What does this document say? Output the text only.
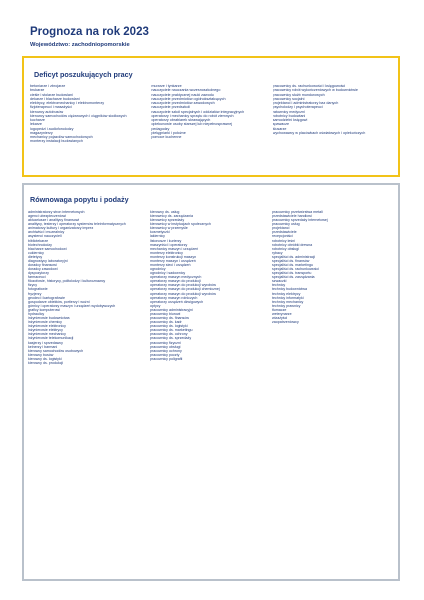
Prognoza na rok 2023
Województwo: zachodniopomorskie
Deficyt poszukujących pracy
betoniarze i zbrojarze
brukarze
cieśle i stolarze budowlani
dekarze i blacharze budowlani
elektrycy, elektromechanicy i elektromonterzy
fizjoterapeuci i masażyści
kierowcy autobusów
kierowcy samochodów ciężarowych i ciągników siodłowych
kucharze
lekarze
logopedzi i audiofonolodzy
magazynierzy
mechanicy pojazdów samochodowych
monterzy instalacji budowlanych
murarze i tynkarze
nauczyciele nauczania wczesnoszkolnego
nauczyciele praktycznej nauki zawodu
nauczyciele przedmiotów ogólnokształcących
nauczyciele przedmiotów zawodowych
nauczyciele przedszkoli
nauczyciele szkół specjalnych i oddziałów integracyjnych
operatorzy i mechanicy sprzętu do robót ziemnych
operatorzy obrabiarek skrawających
opiekunowie osoby starszej lub niepełnosprawnej
pedagodzy
pielęgniarki i położne
pomoce kuchenne
pracownicy ds. rachunkowości i księgowości
pracownicy robót wykończeniowych w budownictwie
pracownicy służb mundurowych
pracownicy socjalni
projektanci i administratorzy baz danych
psycholodzy i psychoterapeuci
ratownicy medyczni
robotnicy budowlani
samodzielni księgowi
spawacze
ślusarze
wychowawcy w placówkach oświatowych i opiekuńczych
Równowaga popytu i podaży
administratorzy stron internetowych
agenci ubezpieczeniowi
aktuariusze i analitycy finansowi
analitycy, testerzy i operatorzy systemów teleinformatycznych
animatorzy kultury i organizatorzy imprez
archiwiści i muzealnicy
asystenci nauczycieli
bibliotekarze
biotechnolodzy
blacharze samochodowi
cukiernicy
dietetycy
diagnostycy laboratoryjni
doradcy finansowi
doradcy zawodowi
dyspozytorzy
farmaceuci
filozofowie, historycy, politolodzy i kulturoznawcy
fizycy
fotografowie
fryzjerzy
geodeci i kartografowie
gospodarze obiektów, portierzy i woźni
górnicy i operatorzy maszyn i urządzeń wydobywczych
graficy komputerowi
hydraulicy
inżynierowie budownictwa
inżynierowie chemicy
inżynierowie elektronicy
inżynierowie elektrycy
inżynierowie mechanicy
inżynierowie telekomunikacji
kasjerzy i sprzedawcy
kelnerzy i barmani
kierowcy samochodów osobowych
kierowcy busów
kierowcy ds. logistyki
kierowcy ds. produkcji
kierowcy ds. usług
kierownicy ds. zarządzania
kierownicy sprzedaży
kierownicy w instytucjach społecznych
kierownicy w przemyśle
kosmetyczki
lakiernicy
listonosze i kurierzy
maszyniści i operatorzy
mechanicy maszyn i urządzeń
monterzy elektronicy
monterzy konstrukcji maszyn
monterzy maszyn i urządzeń
monterzy sieci i urządzeń
ogrodnicy
ogrodnicy i sadownicy
operatorzy maszyn medycznych
operatorzy maszyn do produkcji
operatorzy maszyn do produkcji wyrobów
operatorzy maszyn do produkcji chemicznej
operatorzy maszyn do produkcji wyrobów
operatorzy maszyn rolniczych
operatorzy urządzeń dźwigowych
optycy
pracownicy administracyjni
pracownicy biurowi
pracownicy ds. finansów
pracownicy ds. kadr
pracownicy ds. logistyki
pracownicy ds. marketingu
pracownicy ds. ochrony
pracownicy ds. sprzedaży
pracownicy fizyczni
pracownicy obsługi
pracownicy ochrony
pracownicy poczty
pracownicy poligrafii
pracownicy przetwórstwa metali
przedstawiciele handlowi
pracownicy sprzedaży internetowej
pracownicy usług
projektanci
przedstawiciele
recepcjoniści
robotnicy leśni
robotnicy obróbki drewna
robotnicy obsługi
rybacy
specjaliści ds. administracji
specjaliści ds. finansów
specjaliści ds. marketingu
specjaliści ds. rachunkowości
specjaliści ds. transportu
specjaliści ds. zarządzania
szwaczki
technicy
technicy budownictwa
technicy elektrycy
technicy informatyki
technicy mechanicy
technicy prawnicy
tłumacze
weterynarze
wizażyści
zaopatrzeniowcy
